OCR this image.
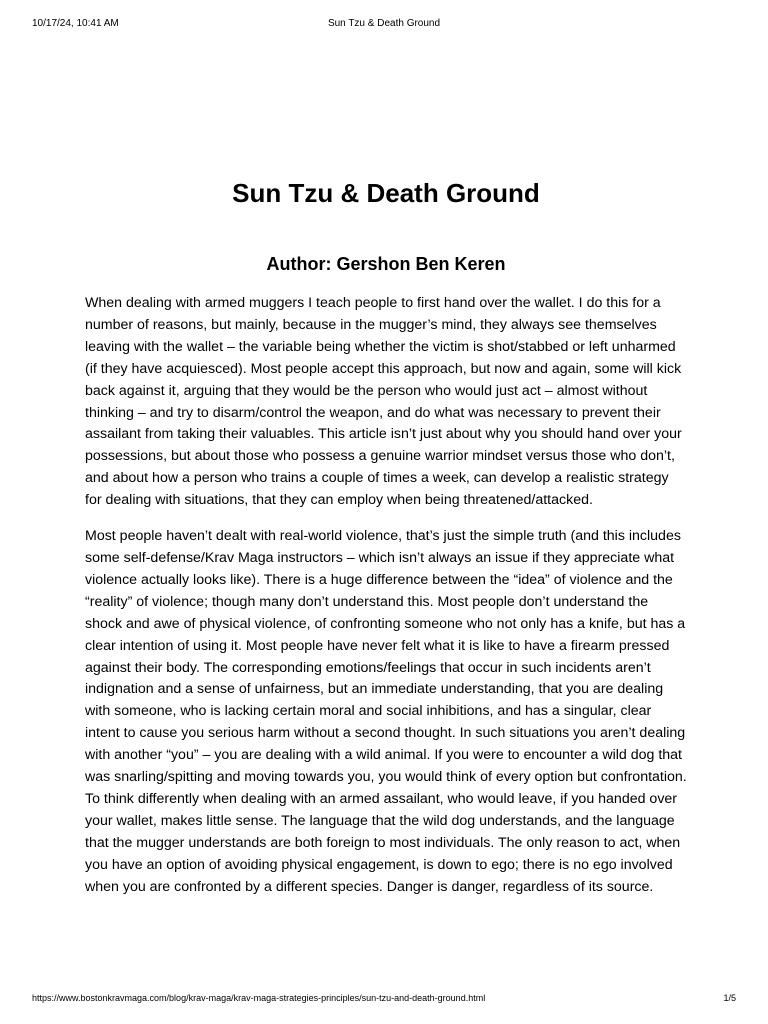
10/17/24, 10:41 AM	Sun Tzu & Death Ground
Sun Tzu & Death Ground
Author: Gershon Ben Keren

When dealing with armed muggers I teach people to first hand over the wallet. I do this for a number of reasons, but mainly, because in the mugger’s mind, they always see themselves leaving with the wallet – the variable being whether the victim is shot/stabbed or left unharmed (if they have acquiesced). Most people accept this approach, but now and again, some will kick back against it, arguing that they would be the person who would just act – almost without thinking – and try to disarm/control the weapon, and do what was necessary to prevent their assailant from taking their valuables. This article isn’t just about why you should hand over your possessions, but about those who possess a genuine warrior mindset versus those who don’t, and about how a person who trains a couple of times a week, can develop a realistic strategy for dealing with situations, that they can employ when being threatened/attacked.

Most people haven’t dealt with real-world violence, that’s just the simple truth (and this includes some self-defense/Krav Maga instructors – which isn’t always an issue if they appreciate what violence actually looks like). There is a huge difference between the “idea” of violence and the “reality” of violence; though many don’t understand this. Most people don’t understand the shock and awe of physical violence, of confronting someone who not only has a knife, but has a clear intention of using it. Most people have never felt what it is like to have a firearm pressed against their body. The corresponding emotions/feelings that occur in such incidents aren’t indignation and a sense of unfairness, but an immediate understanding, that you are dealing with someone, who is lacking certain moral and social inhibitions, and has a singular, clear intent to cause you serious harm without a second thought. In such situations you aren’t dealing with another “you” – you are dealing with a wild animal. If you were to encounter a wild dog that was snarling/spitting and moving towards you, you would think of every option but confrontation. To think differently when dealing with an armed assailant, who would leave, if you handed over your wallet, makes little sense. The language that the wild dog understands, and the language that the mugger understands are both foreign to most individuals. The only reason to act, when you have an option of avoiding physical engagement, is down to ego; there is no ego involved when you are confronted by a different species. Danger is danger, regardless of its source.

https://www.bostonkravmaga.com/blog/krav-maga/krav-maga-strategies-principles/sun-tzu-and-death-ground.html	1/5
